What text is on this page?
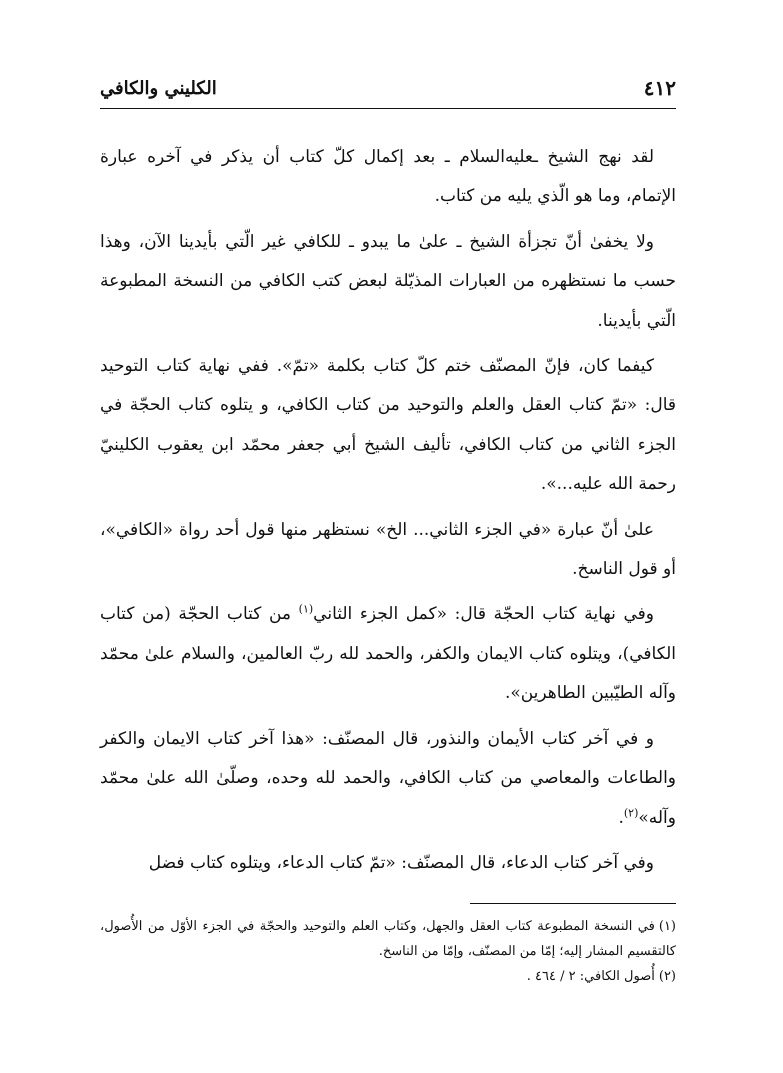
٤١٢
الكليني والكافي

لقد نهج الشيخ ـعليه‌السلام ـ بعد إكمال كلّ كتاب أن يذكر في آخره عبارة الإتمام، وما هو الّذي يليه من كتاب.

ولا يخفىٰ أنّ تجزأة الشيخ ـ علىٰ ما يبدو ـ للكافي غير الّتي بأيدينا الآن، وهذا حسب ما نستظهره من العبارات المذيّلة لبعض كتب الكافي من النسخة المطبوعة الّتي بأيدينا.

كيفما كان، فإنّ المصنّف ختم كلّ كتاب بكلمة «تمّ». ففي نهاية كتاب التوحيد قال: «تمّ كتاب العقل والعلم والتوحيد من كتاب الكافي، و يتلوه كتاب الحجّة في الجزء الثاني من كتاب الكافي، تأليف الشيخ أبي جعفر محمّد ابن يعقوب الكلينيّ رحمة الله عليه...».

علىٰ أنّ عبارة «في الجزء الثاني... الخ» نستظهر منها قول أحد رواة «الكافي»، أو قول الناسخ.

وفي نهاية كتاب الحجّة قال: «كمل الجزء الثاني$^{(١)}$ من كتاب الحجّة (من كتاب الكافي)، ويتلوه كتاب الايمان والكفر، والحمد لله ربّ العالمين، والسلام علىٰ محمّد وآله الطيّبين الطاهرين».

و في آخر كتاب الأيمان والنذور، قال المصنّف: «هذا آخر كتاب الايمان والكفر والطاعات والمعاصي من كتاب الكافي، والحمد لله وحده، وصلّىٰ الله علىٰ محمّد وآله»$^{(٢)}$.

وفي آخر كتاب الدعاء، قال المصنّف: «تمّ كتاب الدعاء، ويتلوه كتاب فضل

(١)في النسخة المطبوعة كتاب العقل والجهل، وكتاب العلم والتوحيد والحجّة في الجزء الأوّل من الأُصول، كالتقسيم المشار إليه؛ إمّا من المصنّف، وإمّا من الناسخ.

(٢)أُصول الكافي: ٢ / ٤٦٤ .
